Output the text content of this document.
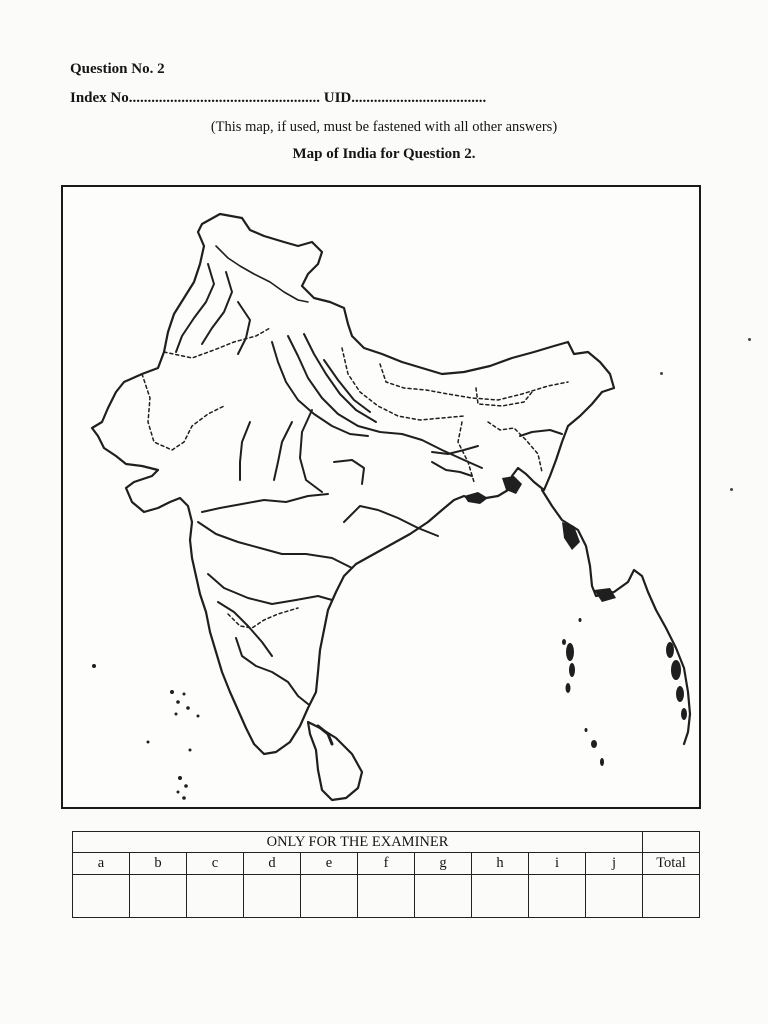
Question No. 2
Index No................................................... UID....................................
(This map, if used, must be fastened with all other answers)
Map of India for Question 2.
ONLY FOR THE EXAMINER										
a	b	c	d	e	f	g	h	i	j	Total
